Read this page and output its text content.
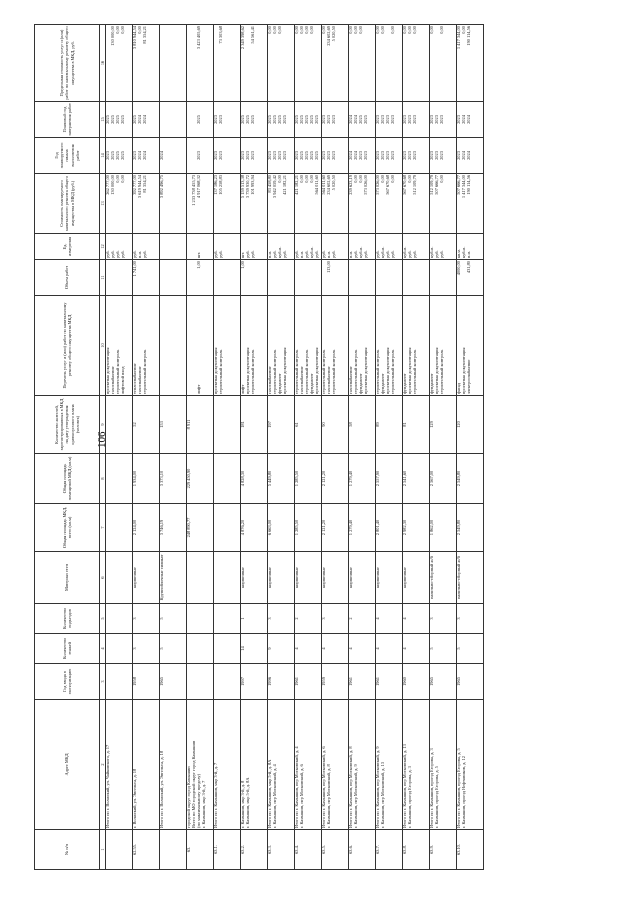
106
№ п/п	Адрес МКД	Год ввода в эксплуатацию	Количество этажей	Количество подъездов	Материал стен	Общая площадь МКД, всего (кв.м)	Общая площадь помещений МКД (кв.м)	Количество жителей, зарегистрированных в МКД на дату утверждения краткосрочного плана (человек)	Перечень услуг и (или) работ по капитальному ремонту общего имущества МКД	Объем работ	Ед. измерения	Стоимость планируемого капитального ремонта общего имущества в МКД (руб.)	Год планируемого начала выполнения работ	Плановый год завершения работ	Предельная стоимость услуг и (или) работ по капитальному ремонту общего имущества в МКД, руб.
1	2	3	4	5	6	7	8	9	10	11	12	13	14	15	16

	Итого по г. Волжский, ул. Чайковского, д. 17								проектная документация газоснабжение строительный контроль лифтовой вход		руб. руб. руб. руб.	262 777,00 130 000,00 0,00 0,00	2023 2025 2025 2025	2025 2025 2025 2025	130 000,00 0,00 0,00

62.55.	г. Волжский, ул. Энгельса, д. 18	1958	3	3	кирпичные	2 124,00	1 934,00	52	теплоснабжение газоснабжение строительный контроль	1 741,00	руб. п.м. руб.	392 777,00 3 619 944,54 81 354,21	2023 2024 2024	2025 2024 2024	3 810 944,54 0,00 81 354,21

	Итого по г. Волжский, ул. Энгельса, д. 18	1965	5	5	Крупноблочные силикат	3 746,19	3 373,10	153				3 892 496,75	2024		

63.	городской округ город Камышин Всего по МО городской округ город Камышин (по максимальному пределу) г. Камышин, мкр 3-й, д. 7					248 890,77	229 450,90	8 911	лифт	1,00	шт.	1 233 738 455,73 4 917 068,32	2023	2025	3 423 405,69

63.1.	Итого по г. Камышин, мкр 3-й, д. 7								проектная документация строительный контроль		руб. руб.	137 186,23 105 258,83	2023 2023	2023 2023	73 303,68

63.2.	г. Камышин, мкр 3-й, д. 8 г. Камышин, мкр 5-й, д. 8А	1997	14	1	кирпичные	4 876,20	4 828,30	181	лифт проектная документация строительный контроль	1,00	шт. руб. руб.	5 159 513,38 3 739 930,72 101 993,94	2023 2023 2023	2025 2025 2025	2 349 398,62 54 561,41

63.3.	Итого по г. Камышин, мкр 5-й, д. 8А г. Камышин, пер Московский, д. 4	1996	9	3	кирпичные	6 663,00	5 449,80	197	газоснабжение строительный контроль фундамент проектная документация		п.м. руб. куб.м. руб.	83 458,80 3 942 059,42 0,00 421 182,21	2023 2023 2023 2023	2025 2025 2025 2025	0,00 0,00 0,00

63.4.	Итого по г. Камышин, пер Московский, д. 4 г. Камышин, пер Московский, д. 6	1961	4	2	кирпичные	1 285,50	1 285,50	61	строительный контроль газоснабжение строительный контроль фундамент проектная документация		руб. п.м. руб. куб.м. руб.	421 182,21 0,00 0,00 0,00 564 011,60	2023 2025 2025 2025 2025	2025 2025 2025 2025 2025	0,00 0,00 0,00 0,00

63.5.	Итого по г. Камышин, пер Московский, д. 6 г. Камышин, пер Московский, д. 8	1959	4	3	кирпичные	2 121,20	2 121,20	90	строительный контроль газоснабжение строительный контроль	113,00	руб. п.м. руб.	564 011,60 234 602,69 5 020,50	2023 2023 2023	2023 2023 2023	0,00 234 602,69 5 020,50

63.6.	Итого по г. Камышин, пер Московский, д. 8 г. Камышин, пер Московский, д. 9	1961	4	2	кирпичные	1 279,40	1 279,40	58	газоснабжение строительный контроль фундамент проектная документация		п.м. руб. куб.м. руб.	239 623,19 0,00 0,00 573 026,00	2024 2024 2023 2023	2024 2024 2025 2025	0,00 0,00 0,00

63.7.	Итого по г. Камышин, пер Московский, д. 9 г. Камышин, пер Московский, д. 13	1961	4	4	кирпичные	2 801,40	2 557,90	89	строительный контроль фундамент проектная документация строительный контроль		руб. куб.м. руб. руб.	573 026,00 0,00 567 670,68 0,00	2023 2023 2023 2023	2023 2023 2023 2023	0,00 0,00 0,00

63.8.	Итого по г. Камышин, пер Московский, д. 13 г. Камышин, проезд Егорова, д. 3	1960	4	4	кирпичные	2 982,30	2 541,60	81	фундамент проектная документация строительный контроль		куб.м. руб. руб.	567 670,68 0,00 512 109,79	2023 2023 2023	2023 2023 2023	0,00 0,00 0,00

63.9.	Итого по г. Камышин, проезд Егорова, д. 3 г. Камышин, проезд Егорова, д. 5	1965	5	3	панельно-сборный ж/б	1 862,00	2 567,00	129	фундамент проектная документация строительный контроль		куб.м. руб. руб.	512 109,79 507 666,77 0,00	2023 2023 2023	2023 2023 2023	0,00 0,00

63.10.	Итого по г. Камышин, проезд Егорова, д. 5 г. Камышин, проезд Нефтяников, д. 12	1965	5	3	панельно-сборный ж/б	2 549,80	2 549,80	120	фасад проектная документация электроснабжение	4000,00 431,80	кв.м. куб.м. п.м.	507 666,77 1 417 344,00 190 114,56	2023 2024 2024	2023 2024 2024	1 417 344,00 0,00 190 114,56
